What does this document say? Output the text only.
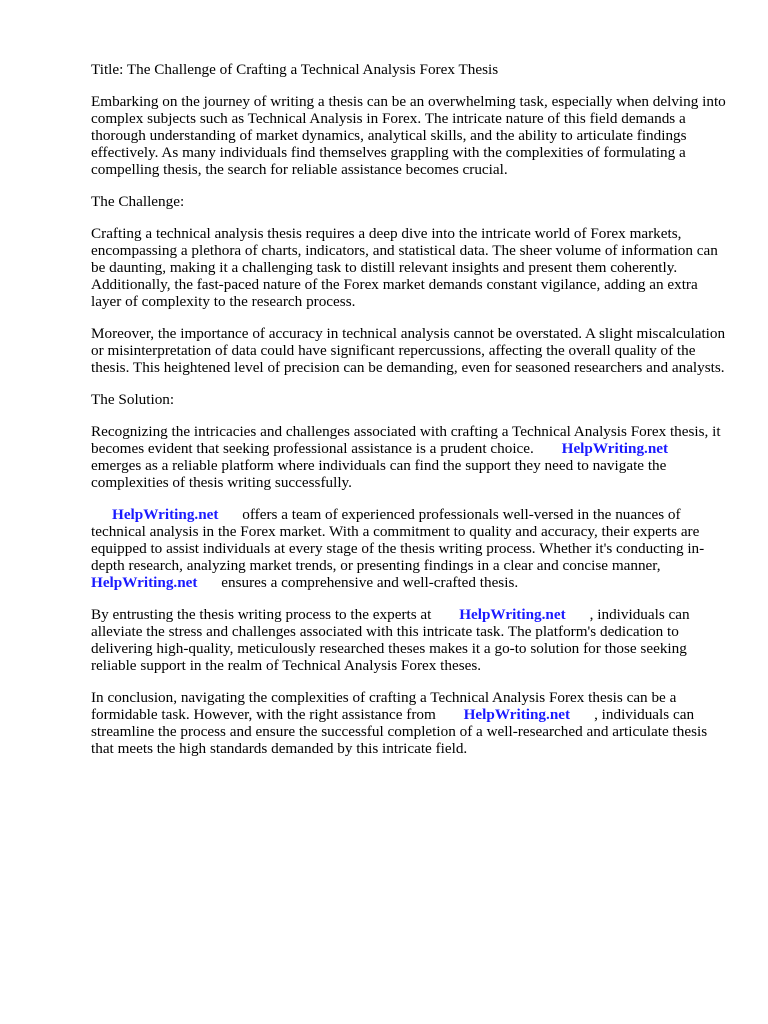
Title: The Challenge of Crafting a Technical Analysis Forex Thesis

Embarking on the journey of writing a thesis can be an overwhelming task, especially when delving into complex subjects such as Technical Analysis in Forex. The intricate nature of this field demands a thorough understanding of market dynamics, analytical skills, and the ability to articulate findings effectively. As many individuals find themselves grappling with the complexities of formulating a compelling thesis, the search for reliable assistance becomes crucial.

The Challenge:

Crafting a technical analysis thesis requires a deep dive into the intricate world of Forex markets, encompassing a plethora of charts, indicators, and statistical data. The sheer volume of information can be daunting, making it a challenging task to distill relevant insights and present them coherently. Additionally, the fast-paced nature of the Forex market demands constant vigilance, adding an extra layer of complexity to the research process.

Moreover, the importance of accuracy in technical analysis cannot be overstated. A slight miscalculation or misinterpretation of data could have significant repercussions, affecting the overall quality of the thesis. This heightened level of precision can be demanding, even for seasoned researchers and analysts.

The Solution:

Recognizing the intricacies and challenges associated with crafting a Technical Analysis Forex thesis, it becomes evident that seeking professional assistance is a prudent choice. HelpWriting.net
emerges as a reliable platform where individuals can find the support they need to navigate the complexities of thesis writing successfully.

HelpWriting.net offers a team of experienced professionals well-versed in the nuances of technical analysis in the Forex market. With a commitment to quality and accuracy, their experts are equipped to assist individuals at every stage of the thesis writing process. Whether it's conducting in-depth research, analyzing market trends, or presenting findings in a clear and concise manner,
HelpWriting.net ensures a comprehensive and well-crafted thesis.

By entrusting the thesis writing process to the experts at HelpWriting.net , individuals can alleviate the stress and challenges associated with this intricate task. The platform's dedication to delivering high-quality, meticulously researched theses makes it a go-to solution for those seeking reliable support in the realm of Technical Analysis Forex theses.

In conclusion, navigating the complexities of crafting a Technical Analysis Forex thesis can be a formidable task. However, with the right assistance from HelpWriting.net , individuals can streamline the process and ensure the successful completion of a well-researched and articulate thesis that meets the high standards demanded by this intricate field.
